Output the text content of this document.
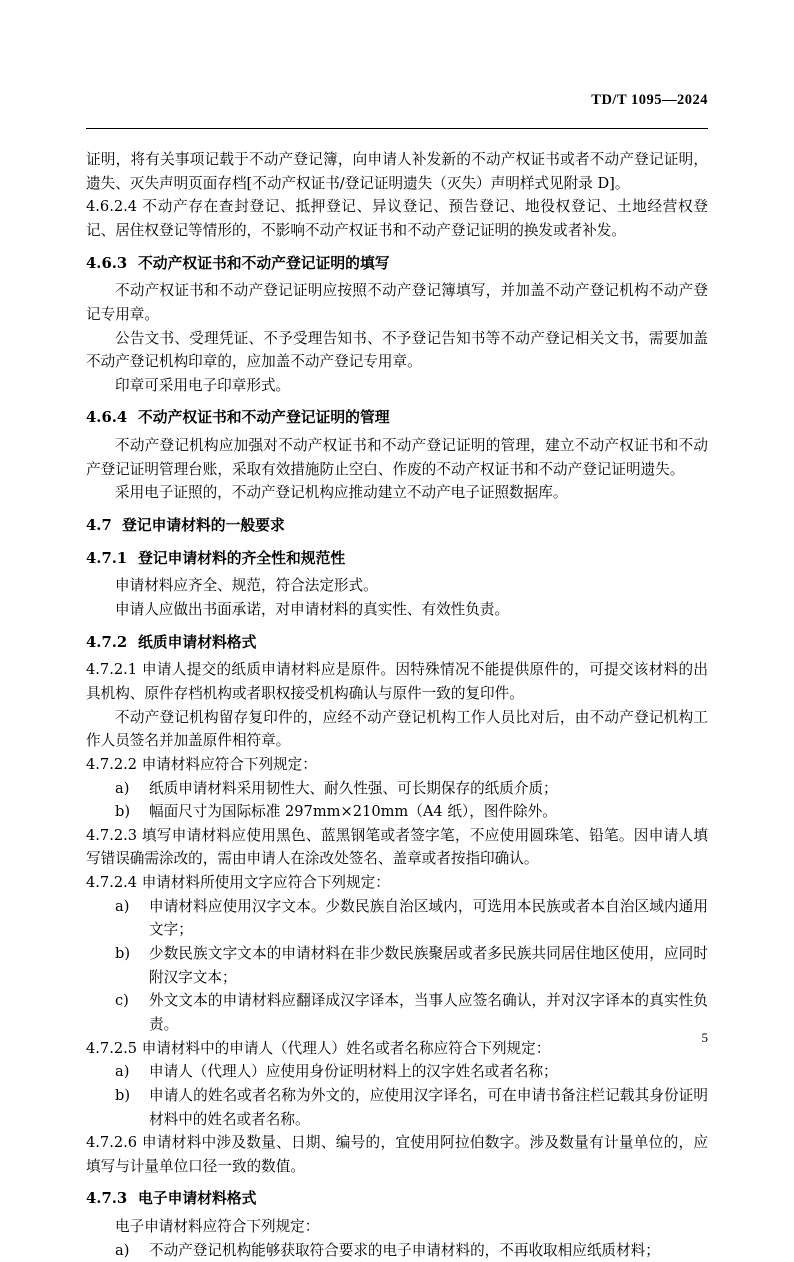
TD/T 1095—2024

证明，将有关事项记载于不动产登记簿，向申请人补发新的不动产权证书或者不动产登记证明，遗失、灭失声明页面存档[不动产权证书/登记证明遗失（灭失）声明样式见附录 D]。

4.6.2.4 不动产存在查封登记、抵押登记、异议登记、预告登记、地役权登记、土地经营权登记、居住权登记等情形的，不影响不动产权证书和不动产登记证明的换发或者补发。

4.6.3 不动产权证书和不动产登记证明的填写

不动产权证书和不动产登记证明应按照不动产登记簿填写，并加盖不动产登记机构不动产登记专用章。

公告文书、受理凭证、不予受理告知书、不予登记告知书等不动产登记相关文书，需要加盖不动产登记机构印章的，应加盖不动产登记专用章。

印章可采用电子印章形式。

4.6.4 不动产权证书和不动产登记证明的管理

不动产登记机构应加强对不动产权证书和不动产登记证明的管理，建立不动产权证书和不动产登记证明管理台账，采取有效措施防止空白、作废的不动产权证书和不动产登记证明遗失。

采用电子证照的，不动产登记机构应推动建立不动产电子证照数据库。

4.7 登记申请材料的一般要求

4.7.1 登记申请材料的齐全性和规范性

申请材料应齐全、规范，符合法定形式。

申请人应做出书面承诺，对申请材料的真实性、有效性负责。

4.7.2 纸质申请材料格式

4.7.2.1 申请人提交的纸质申请材料应是原件。因特殊情况不能提供原件的，可提交该材料的出具机构、原件存档机构或者职权接受机构确认与原件一致的复印件。

不动产登记机构留存复印件的，应经不动产登记机构工作人员比对后，由不动产登记机构工作人员签名并加盖原件相符章。

4.7.2.2 申请材料应符合下列规定：

a)	纸质申请材料采用韧性大、耐久性强、可长期保存的纸质介质；
b)	幅面尺寸为国际标准 297mm×210mm（A4 纸），图件除外。

4.7.2.3 填写申请材料应使用黑色、蓝黑钢笔或者签字笔，不应使用圆珠笔、铅笔。因申请人填写错误确需涂改的，需由申请人在涂改处签名、盖章或者按指印确认。

4.7.2.4 申请材料所使用文字应符合下列规定：

a)	申请材料应使用汉字文本。少数民族自治区域内，可选用本民族或者本自治区域内通用文字；
b)	少数民族文字文本的申请材料在非少数民族聚居或者多民族共同居住地区使用，应同时附汉字文本；
c)	外文文本的申请材料应翻译成汉字译本，当事人应签名确认，并对汉字译本的真实性负责。

4.7.2.5 申请材料中的申请人（代理人）姓名或者名称应符合下列规定：

a)	申请人（代理人）应使用身份证明材料上的汉字姓名或者名称；
b)	申请人的姓名或者名称为外文的，应使用汉字译名，可在申请书备注栏记载其身份证明材料中的姓名或者名称。

4.7.2.6 申请材料中涉及数量、日期、编号的，宜使用阿拉伯数字。涉及数量有计量单位的，应填写与计量单位口径一致的数值。

4.7.3 电子申请材料格式

电子申请材料应符合下列规定：

a)	不动产登记机构能够获取符合要求的电子申请材料的，不再收取相应纸质材料；
5
